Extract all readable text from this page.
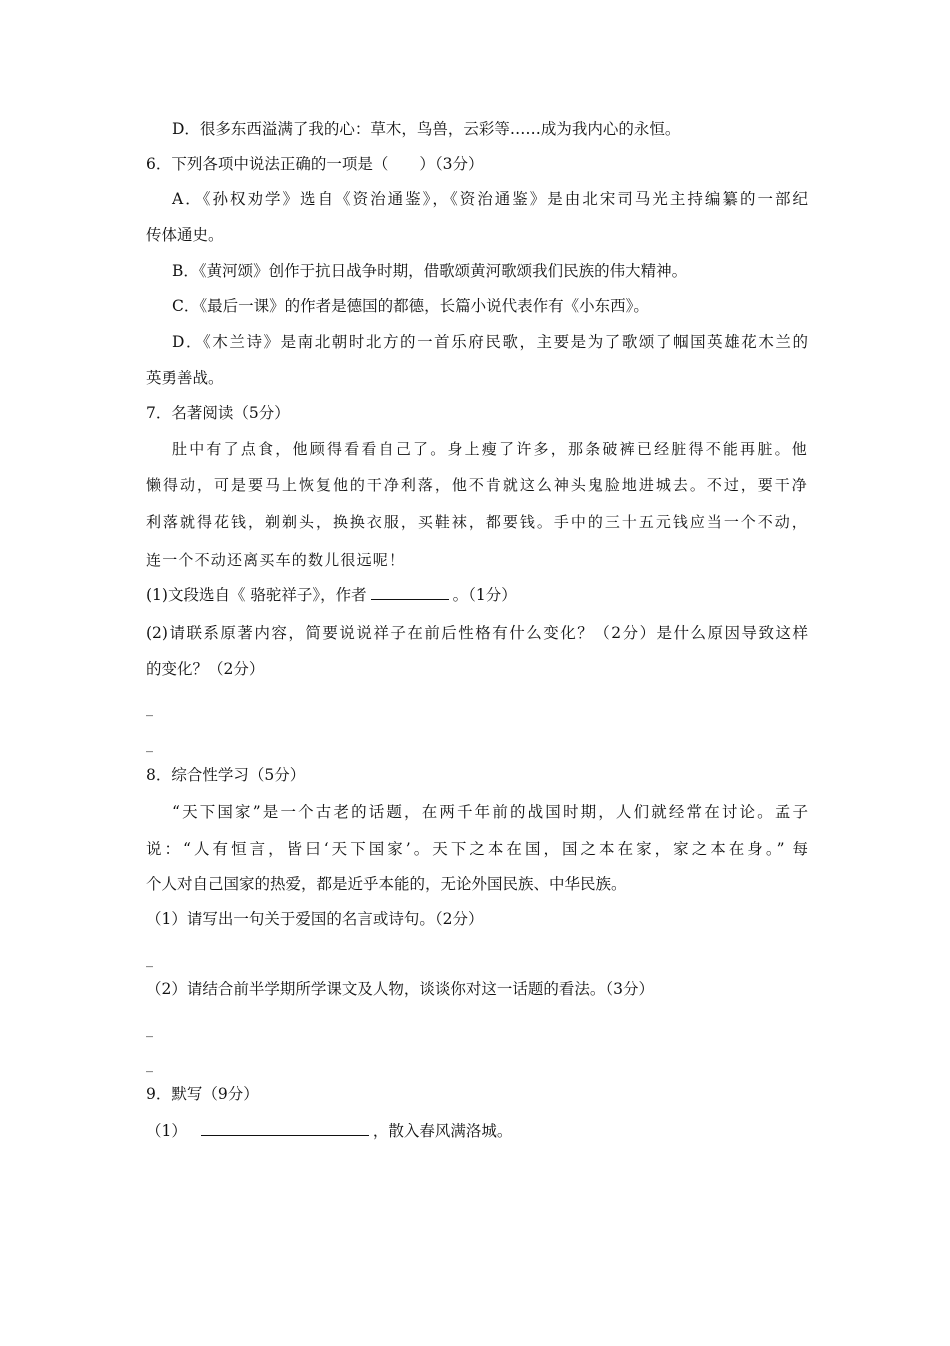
D．很多东西溢满了我的心：草木，鸟兽，云彩等……成为我内心的永恒。
6．下列各项中说法正确的一项是（　　）（3分）
A．《孙权劝学》选自《资治通鉴》，《资治通鉴》是由北宋司马光主持编纂的一部纪
传体通史。
B．《黄河颂》创作于抗日战争时期，借歌颂黄河歌颂我们民族的伟大精神。
C．《最后一课》的作者是德国的都德，长篇小说代表作有《小东西》。
D．《木兰诗》是南北朝时北方的一首乐府民歌，主要是为了歌颂了帼国英雄花木兰的
英勇善战。
7．名著阅读（5分）
肚中有了点食，他顾得看看自己了。身上瘦了许多，那条破裤已经脏得不能再脏。他
懒得动，可是要马上恢复他的干净利落，他不肯就这么神头鬼脸地进城去。不过，要干净
利落就得花钱，剃剃头，换换衣服，买鞋袜，都要钱。手中的三十五元钱应当一个不动，
连一个不动还离买车的数儿很远呢！
(1)文段选自《 骆驼祥子》，作者	。（1分）
(2)请联系原著内容，简要说说祥子在前后性格有什么变化？（2分）是什么原因导致这样
的变化？（2分）
_
_
8．综合性学习（5分）
“天下国家”是一个古老的话题，在两千年前的战国时期，人们就经常在讨论。孟子
说：“人有恒言，皆曰‘天下国家’。天下之本在国，国之本在家，家之本在身。” 每
个人对自己国家的热爱，都是近乎本能的，无论外国民族、中华民族。
（1）请写出一句关于爱国的名言或诗句。（2分）
_
（2）请结合前半学期所学课文及人物，谈谈你对这一话题的看法。（3分）
_
_
9．默写（9分）
（1）	，散入春风满洛城。
